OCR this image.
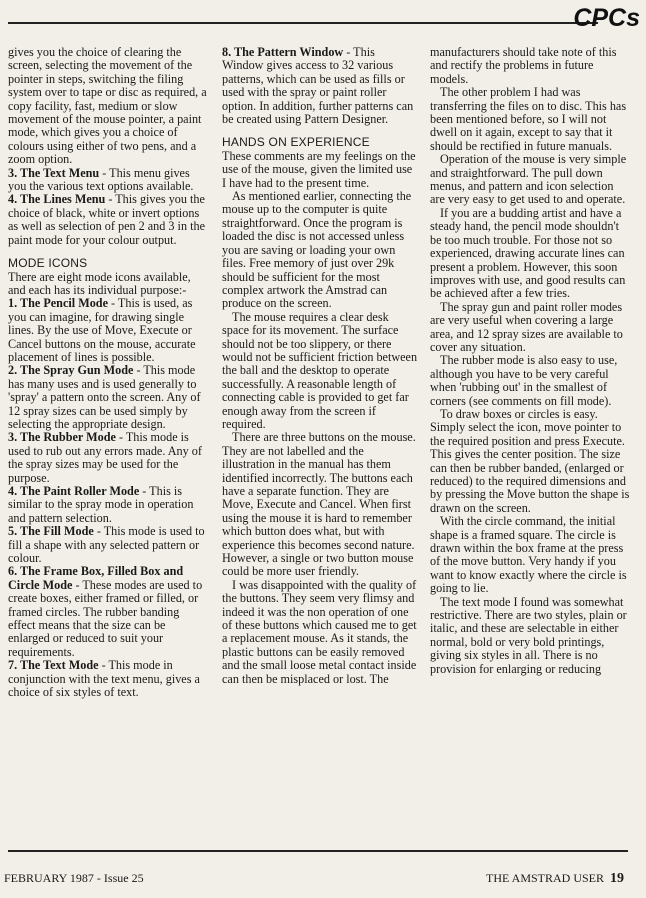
CPCs

gives you the choice of clearing the screen, selecting the movement of the pointer in steps, switching the filing system over to tape or disc as required, a copy facility, fast, medium or slow movement of the mouse pointer, a paint mode, which gives you a choice of colours using either of two pens, and a zoom option.

3. The Text Menu - This menu gives you the various text options available.

4. The Lines Menu - This gives you the choice of black, white or invert options as well as selection of pen 2 and 3 in the paint mode for your colour output.

MODE ICONS

There are eight mode icons available, and each has its individual purpose:-

1. The Pencil Mode - This is used, as you can imagine, for drawing single lines. By the use of Move, Execute or Cancel buttons on the mouse, accurate placement of lines is possible.

2. The Spray Gun Mode - This mode has many uses and is used generally to 'spray' a pattern onto the screen. Any of 12 spray sizes can be used simply by selecting the appropriate design.

3. The Rubber Mode - This mode is used to rub out any errors made. Any of the spray sizes may be used for the purpose.

4. The Paint Roller Mode - This is similar to the spray mode in operation and pattern selection.

5. The Fill Mode - This mode is used to fill a shape with any selected pattern or colour.

6. The Frame Box, Filled Box and Circle Mode - These modes are used to create boxes, either framed or filled, or framed circles. The rubber banding effect means that the size can be enlarged or reduced to suit your requirements.

7. The Text Mode - This mode in conjunction with the text menu, gives a choice of six styles of text.

8. The Pattern Window - This Window gives access to 32 various patterns, which can be used as fills or used with the spray or paint roller option. In addition, further patterns can be created using Pattern Designer.

HANDS ON EXPERIENCE

These comments are my feelings on the use of the mouse, given the limited use I have had to the present time.

As mentioned earlier, connecting the mouse up to the computer is quite straightforward. Once the program is loaded the disc is not accessed unless you are saving or loading your own files. Free memory of just over 29k should be sufficient for the most complex artwork the Amstrad can produce on the screen.

The mouse requires a clear desk space for its movement. The surface should not be too slippery, or there would not be sufficient friction between the ball and the desktop to operate successfully. A reasonable length of connecting cable is provided to get far enough away from the screen if required.

There are three buttons on the mouse. They are not labelled and the illustration in the manual has them identified incorrectly. The buttons each have a separate function. They are Move, Execute and Cancel. When first using the mouse it is hard to remember which button does what, but with experience this becomes second nature. However, a single or two button mouse could be more user friendly.

I was disappointed with the quality of the buttons. They seem very flimsy and indeed it was the non operation of one of these buttons which caused me to get a replacement mouse. As it stands, the plastic buttons can be easily removed and the small loose metal contact inside can then be misplaced or lost. The

manufacturers should take note of this and rectify the problems in future models.

The other problem I had was transferring the files on to disc. This has been mentioned before, so I will not dwell on it again, except to say that it should be rectified in future manuals.

Operation of the mouse is very simple and straightforward. The pull down menus, and pattern and icon selection are very easy to get used to and operate.

If you are a budding artist and have a steady hand, the pencil mode shouldn't be too much trouble. For those not so experienced, drawing accurate lines can present a problem. However, this soon improves with use, and good results can be achieved after a few tries.

The spray gun and paint roller modes are very useful when covering a large area, and 12 spray sizes are available to cover any situation.

The rubber mode is also easy to use, although you have to be very careful when 'rubbing out' in the smallest of corners (see comments on fill mode).

To draw boxes or circles is easy. Simply select the icon, move pointer to the required position and press Execute. This gives the center position. The size can then be rubber banded, (enlarged or reduced) to the required dimensions and by pressing the Move button the shape is drawn on the screen.

With the circle command, the initial shape is a framed square. The circle is drawn within the box frame at the press of the move button. Very handy if you want to know exactly where the circle is going to lie.

The text mode I found was somewhat restrictive. There are two styles, plain or italic, and these are selectable in either normal, bold or very bold printings, giving six styles in all. There is no provision for enlarging or reducing

FEBRUARY 1987 - Issue 25	THE AMSTRAD USER 19
